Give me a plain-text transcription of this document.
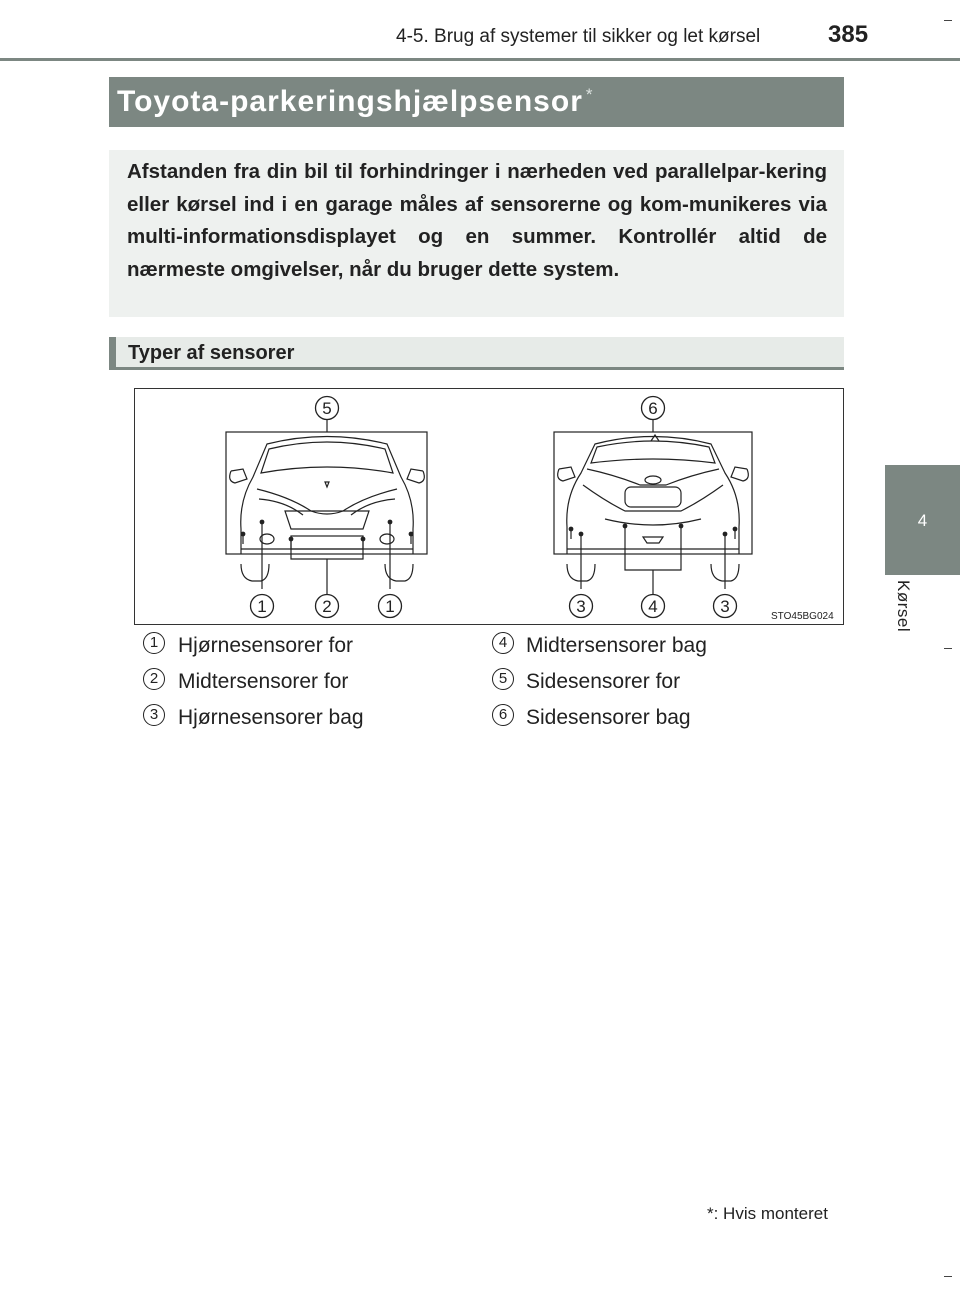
4-5. Brug af systemer til sikker og let kørsel	385
4
Kørsel
Toyota-parkeringshjælpsensor *

Afstanden fra din bil til forhindringer i nærheden ved parallelpar-kering eller kørsel ind i en garage måles af sensorerne og kom-munikeres via multi-informationsdisplayet og en summer. Kontrollér altid de nærmeste omgivelser, når du bruger dette system.

Typer af sensorer
5	6
1	2	1	3	4	3
STO45BG024
1 Hjørnesensorer for
2 Midtersensorer for
3 Hjørnesensorer bag
4 Midtersensorer bag
5 Sidesensorer for
6 Sidesensorer bag
*: Hvis monteret
